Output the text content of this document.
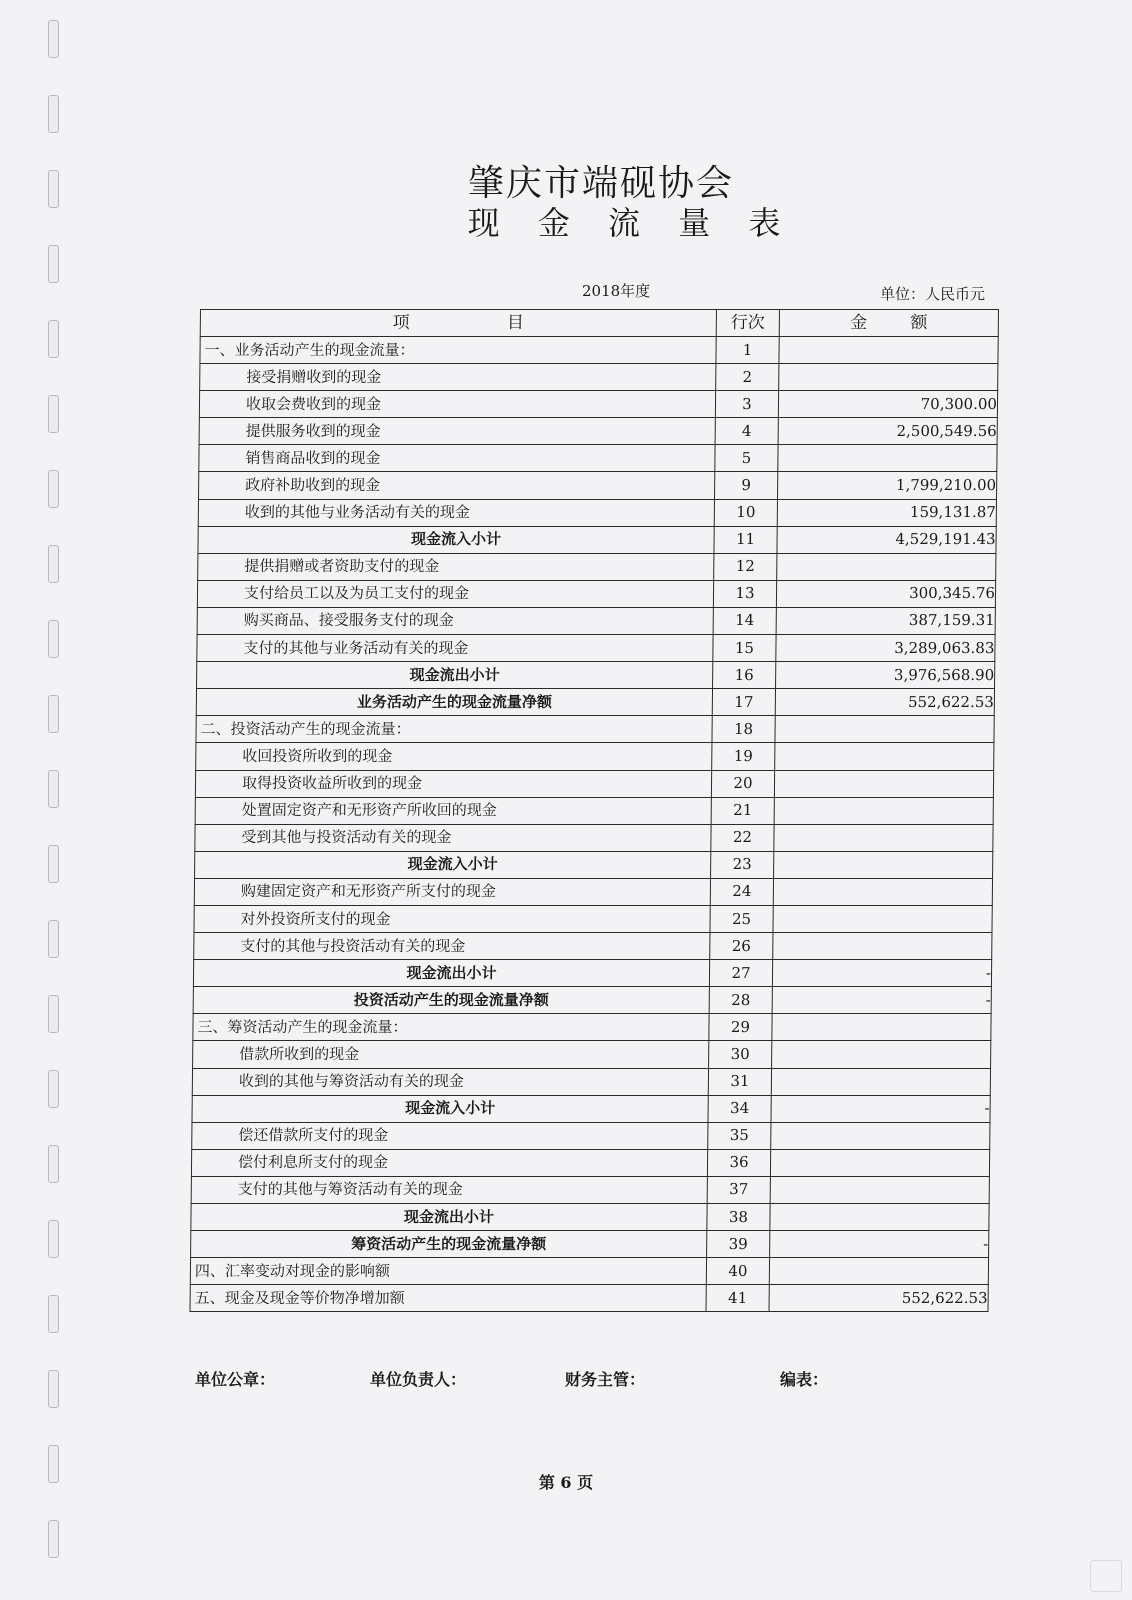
肇庆市端砚协会
现 金 流 量 表
2018年度	单位：人民币元
项                  目	行次	金        额
一、业务活动产生的现金流量：	1	
接受捐赠收到的现金	2	
收取会费收到的现金	3	70,300.00
提供服务收到的现金	4	2,500,549.56
销售商品收到的现金	5	
政府补助收到的现金	9	1,799,210.00
收到的其他与业务活动有关的现金	10	159,131.87
现金流入小计	11	4,529,191.43
提供捐赠或者资助支付的现金	12	
支付给员工以及为员工支付的现金	13	300,345.76
购买商品、接受服务支付的现金	14	387,159.31
支付的其他与业务活动有关的现金	15	3,289,063.83
现金流出小计	16	3,976,568.90
业务活动产生的现金流量净额	17	552,622.53
二、投资活动产生的现金流量：	18	
收回投资所收到的现金	19	
取得投资收益所收到的现金	20	
处置固定资产和无形资产所收回的现金	21	
受到其他与投资活动有关的现金	22	
现金流入小计	23	
购建固定资产和无形资产所支付的现金	24	
对外投资所支付的现金	25	
支付的其他与投资活动有关的现金	26	
现金流出小计	27	-
投资活动产生的现金流量净额	28	-
三、筹资活动产生的现金流量：	29	
借款所收到的现金	30	
收到的其他与筹资活动有关的现金	31	
现金流入小计	34	-
偿还借款所支付的现金	35	
偿付利息所支付的现金	36	
支付的其他与筹资活动有关的现金	37	
现金流出小计	38	
筹资活动产生的现金流量净额	39	-
四、汇率变动对现金的影响额	40	
五、现金及现金等价物净增加额	41	552,622.53
单位公章：	单位负责人：	财务主管：	编表：
第 6 页
